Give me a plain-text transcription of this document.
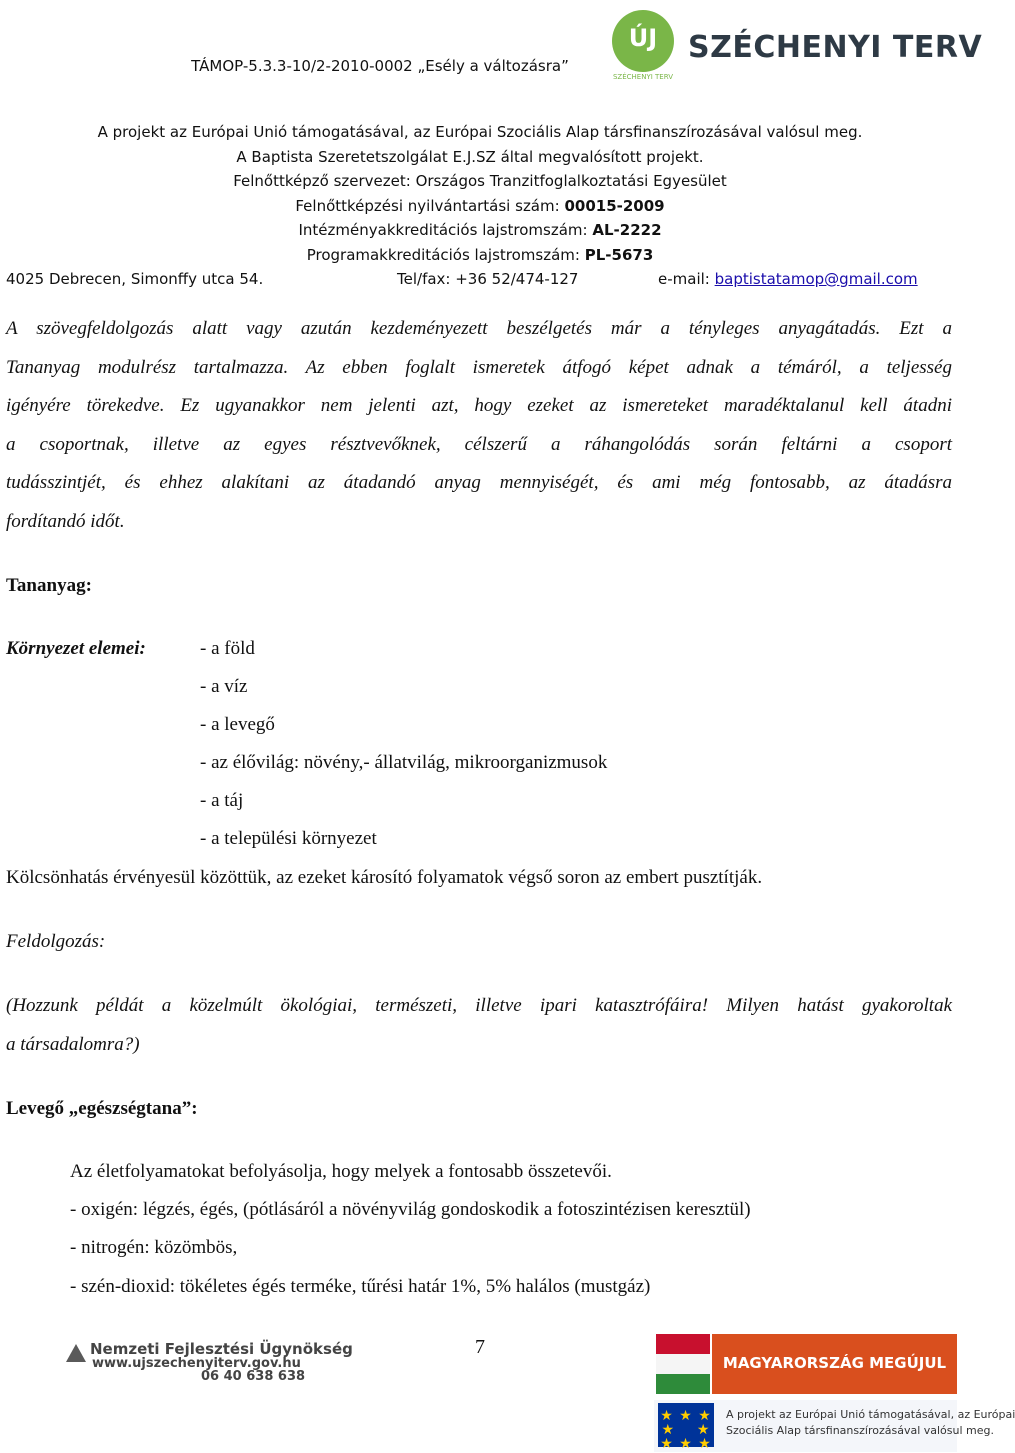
TÁMOP-5.3.3-10/2-2010-0002 „Esély a változásra”
ÚJ
SZÉCHENYI TERV
SZÉCHENYI TERV
A projekt az Európai Unió támogatásával, az Európai Szociális Alap társfinanszírozásával valósul meg.
A Baptista Szeretetszolgálat E.J.SZ által megvalósított projekt.
Felnőttképző szervezet: Országos Tranzitfoglalkoztatási Egyesület
Felnőttképzési nyilvántartási szám: 00015-2009
Intézményakkreditációs lajstromszám: AL-2222
Programakkreditációs lajstromszám: PL-5673
4025 Debrecen, Simonffy utca 54.	Tel/fax: +36 52/474-127	e-mail: baptistatamop@gmail.com
A szövegfeldolgozás alatt vagy azután kezdeményezett beszélgetés már a tényleges anyagátadás. Ezt a
Tananyag modulrész tartalmazza. Az ebben foglalt ismeretek átfogó képet adnak a témáról, a teljesség
igényére törekedve. Ez ugyanakkor nem jelenti azt, hogy ezeket az ismereteket maradéktalanul kell átadni
a csoportnak, illetve az egyes résztvevőknek, célszerű a ráhangolódás során feltárni a csoport
tudásszintjét, és ehhez alakítani az átadandó anyag mennyiségét, és ami még fontosabb, az átadásra
fordítandó időt.
Tananyag:
Környezet elemei:	- a föld
- a víz
- a levegő
- az élővilág: növény,- állatvilág, mikroorganizmusok
- a táj
- a települési környezet
Kölcsönhatás érvényesül közöttük, az ezeket károsító folyamatok végső soron az embert pusztítják.
Feldolgozás:
(Hozzunk példát a közelmúlt ökológiai, természeti, illetve ipari katasztrófáira! Milyen hatást gyakoroltak
a társadalomra?)
Levegő „egészségtana”:
Az életfolyamatokat befolyásolja, hogy melyek a fontosabb összetevői.
- oxigén: légzés, égés, (pótlásáról a növényvilág gondoskodik a fotoszintézisen keresztül)
- nitrogén: közömbös,
- szén-dioxid: tökéletes égés terméke, tűrési határ 1%, 5% halálos (mustgáz)
7
Nemzeti Fejlesztési Ügynökség
www.ujszechenyiterv.gov.hu
06 40 638 638
MAGYARORSZÁG MEGÚJUL
★ ★ ★
★    ★
★ ★ ★
A projekt az Európai Unió támogatásával, az Európai
Szociális Alap társfinanszírozásával valósul meg.
